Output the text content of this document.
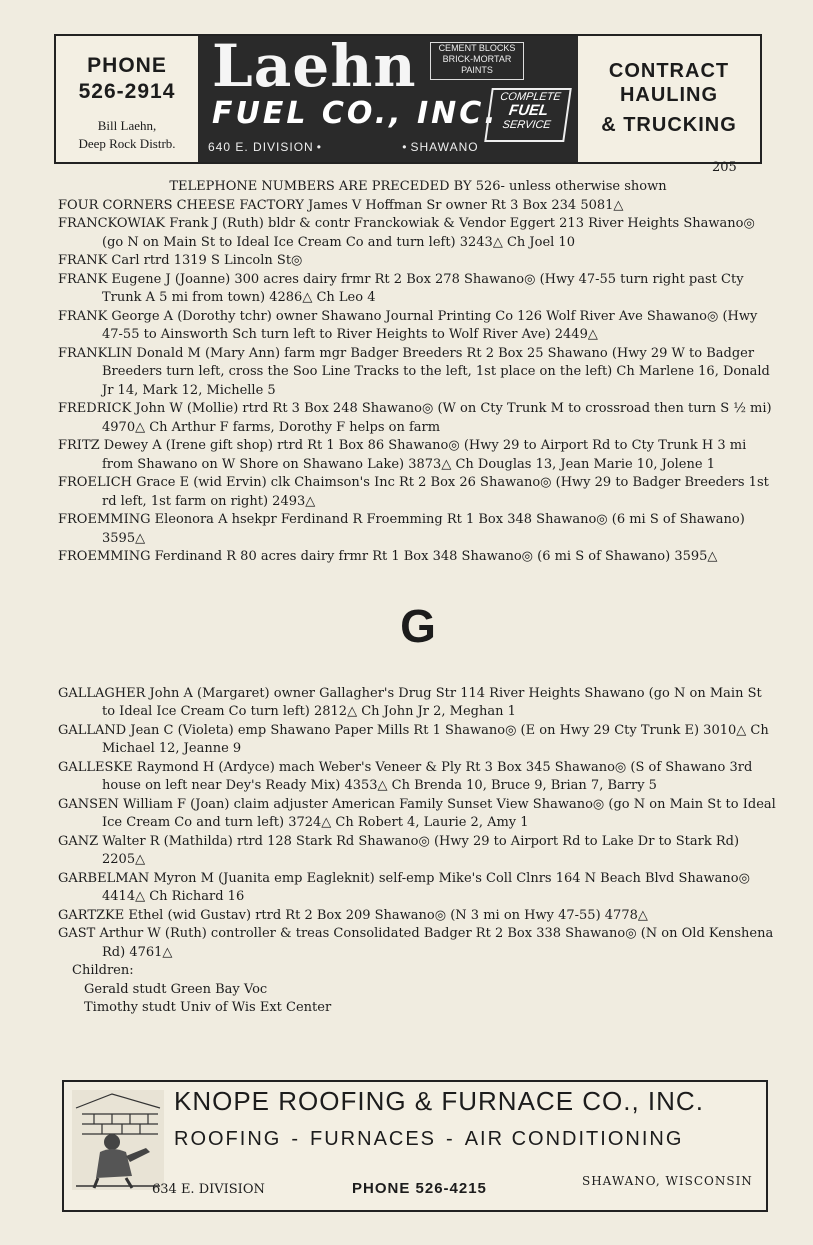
PHONE
526-2914
Bill Laehn,
Deep Rock Distrb.
Laehn	CEMENT BLOCKS
BRICK-MORTAR
PAINTS
FUEL CO., INC. COMPLETE
FUEL
SERVICE
640 E. DIVISION •	• SHAWANO
CONTRACT
HAULING
& TRUCKING
205
TELEPHONE NUMBERS ARE PRECEDED BY 526- unless otherwise shown
FOUR CORNERS CHEESE FACTORY James V Hoffman Sr owner Rt 3 Box 234 5081△
FRANCKOWIAK Frank J (Ruth) bldr & contr Franckowiak & Vendor Eggert 213 River Heights Shawano◎ (go N on Main St to Ideal Ice Cream Co and turn left) 3243△ Ch Joel 10
FRANK Carl rtrd 1319 S Lincoln St◎
FRANK Eugene J (Joanne) 300 acres dairy frmr Rt 2 Box 278 Shawano◎ (Hwy 47-55 turn right past Cty Trunk A 5 mi from town) 4286△ Ch Leo 4
FRANK George A (Dorothy tchr) owner Shawano Journal Printing Co 126 Wolf River Ave Shawano◎ (Hwy 47-55 to Ainsworth Sch turn left to River Heights to Wolf River Ave) 2449△
FRANKLIN Donald M (Mary Ann) farm mgr Badger Breeders Rt 2 Box 25 Shawano (Hwy 29 W to Badger Breeders turn left, cross the Soo Line Tracks to the left, 1st place on the left) Ch Marlene 16, Donald Jr 14, Mark 12, Michelle 5
FREDRICK John W (Mollie) rtrd Rt 3 Box 248 Shawano◎ (W on Cty Trunk M to crossroad then turn S ½ mi) 4970△ Ch Arthur F farms, Dorothy F helps on farm
FRITZ Dewey A (Irene gift shop) rtrd Rt 1 Box 86 Shawano◎ (Hwy 29 to Airport Rd to Cty Trunk H 3 mi from Shawano on W Shore on Shawano Lake) 3873△ Ch Douglas 13, Jean Marie 10, Jolene 1
FROELICH Grace E (wid Ervin) clk Chaimson's Inc Rt 2 Box 26 Shawano◎ (Hwy 29 to Badger Breeders 1st rd left, 1st farm on right) 2493△
FROEMMING Eleonora A hsekpr Ferdinand R Froemming Rt 1 Box 348 Shawano◎ (6 mi S of Shawano) 3595△
FROEMMING Ferdinand R 80 acres dairy frmr Rt 1 Box 348 Shawano◎ (6 mi S of Shawano) 3595△
G
GALLAGHER John A (Margaret) owner Gallagher's Drug Str 114 River Heights Shawano (go N on Main St to Ideal Ice Cream Co turn left) 2812△ Ch John Jr 2, Meghan 1
GALLAND Jean C (Violeta) emp Shawano Paper Mills Rt 1 Shawano◎ (E on Hwy 29 Cty Trunk E) 3010△ Ch Michael 12, Jeanne 9
GALLESKE Raymond H (Ardyce) mach Weber's Veneer & Ply Rt 3 Box 345 Shawano◎ (S of Shawano 3rd house on left near Dey's Ready Mix) 4353△ Ch Brenda 10, Bruce 9, Brian 7, Barry 5
GANSEN William F (Joan) claim adjuster American Family Sunset View Shawano◎ (go N on Main St to Ideal Ice Cream Co and turn left) 3724△ Ch Robert 4, Laurie 2, Amy 1
GANZ Walter R (Mathilda) rtrd 128 Stark Rd Shawano◎ (Hwy 29 to Airport Rd to Lake Dr to Stark Rd) 2205△
GARBELMAN Myron M (Juanita emp Eagleknit) self-emp Mike's Coll Clnrs 164 N Beach Blvd Shawano◎ 4414△ Ch Richard 16
GARTZKE Ethel (wid Gustav) rtrd Rt 2 Box 209 Shawano◎ (N 3 mi on Hwy 47-55) 4778△
GAST Arthur W (Ruth) controller & treas Consolidated Badger Rt 2 Box 338 Shawano◎ (N on Old Kenshena Rd) 4761△
Children:
Gerald studt Green Bay Voc
Timothy studt Univ of Wis Ext Center
KNOPE ROOFING & FURNACE CO., INC.
ROOFING - FURNACES - AIR CONDITIONING
634 E. DIVISION	PHONE 526-4215	SHAWANO, WISCONSIN
